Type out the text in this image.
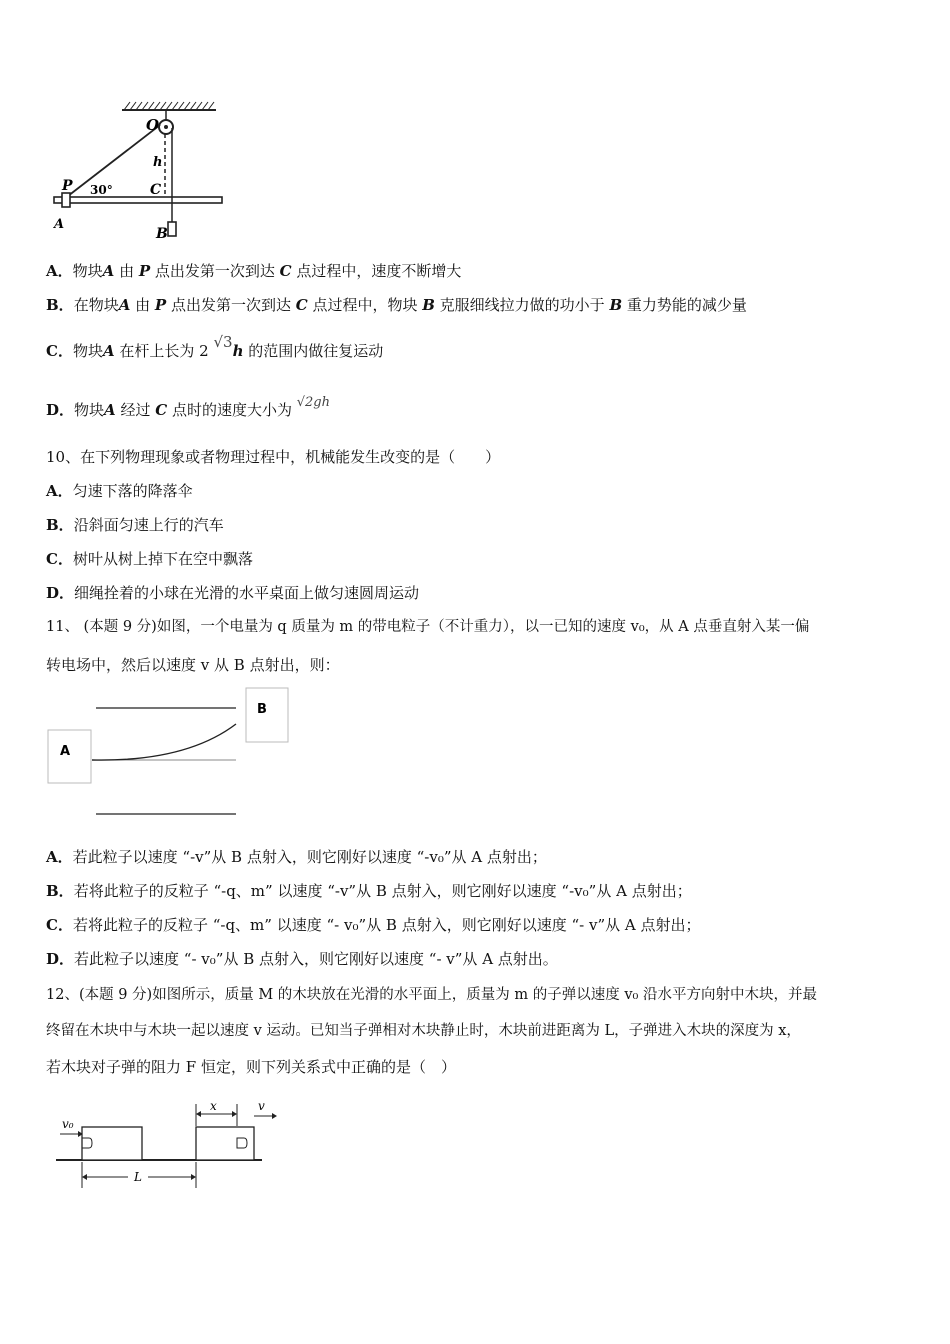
O
h
P 30°	C
A
B
A．物块A 由 P 点出发第一次到达 C 点过程中，速度不断增大
B．在物块A 由 P 点出发第一次到达 C 点过程中，物块 B 克服细线拉力做的功小于 B 重力势能的减少量
C．物块A 在杆上长为 2 √3h 的范围内做往复运动
D．物块A 经过 C 点时的速度大小为 √2gh
10、在下列物理现象或者物理过程中，机械能发生改变的是（　　）
A．匀速下落的降落伞
B．沿斜面匀速上行的汽车
C．树叶从树上掉下在空中飘落
D．细绳拴着的小球在光滑的水平桌面上做匀速圆周运动
11、 (本题 9 分)如图，一个电量为 q 质量为 m 的带电粒子（不计重力），以一已知的速度 v₀，从 A 点垂直射入某一偏
转电场中，然后以速度 v 从 B 点射出，则：
A
B
A．若此粒子以速度 “-v”从 B 点射入，则它刚好以速度 “-v₀”从 A 点射出；
B．若将此粒子的反粒子 “-q、m” 以速度 “-v”从 B 点射入，则它刚好以速度 “-v₀”从 A 点射出；
C．若将此粒子的反粒子 “-q、m” 以速度 “- v₀”从 B 点射入，则它刚好以速度 “- v”从 A 点射出；
D．若此粒子以速度 “- v₀”从 B 点射入，则它刚好以速度 “- v”从 A 点射出。
12、(本题 9 分)如图所示，质量 M 的木块放在光滑的水平面上，质量为 m 的子弹以速度 v₀ 沿水平方向射中木块，并最
终留在木块中与木块一起以速度 v 运动。已知当子弹相对木块静止时，木块前进距离为 L，子弹进入木块的深度为 x，
若木块对子弹的阻力 F 恒定，则下列关系式中正确的是（　）
v₀
x	v
L
